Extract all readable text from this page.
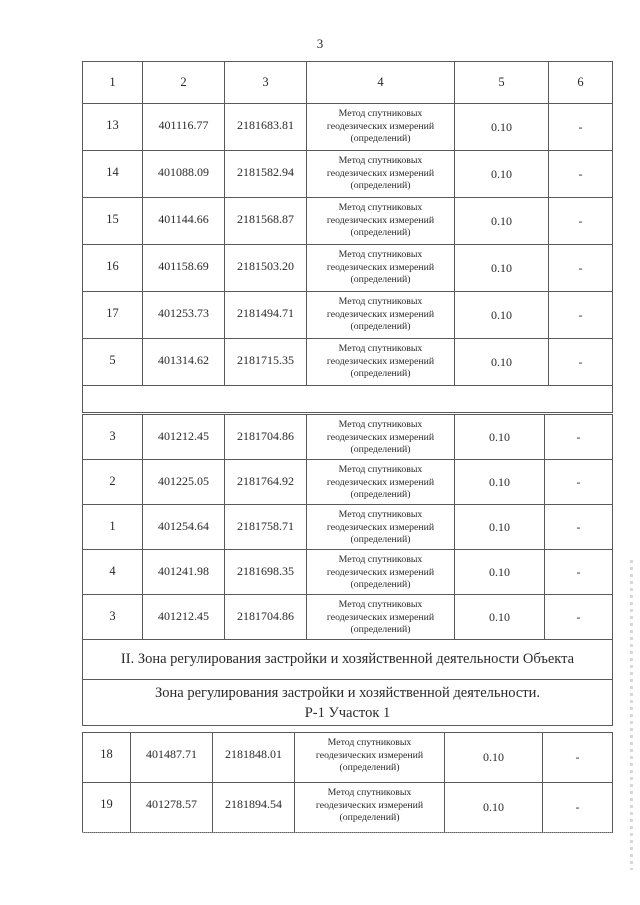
3
1	2	3	4	5	6
13	401116.77	2181683.81	Метод спутниковых
геодезических измерений
(определений)	0.10	-
14	401088.09	2181582.94	Метод спутниковых
геодезических измерений
(определений)	0.10	-
15	401144.66	2181568.87	Метод спутниковых
геодезических измерений
(определений)	0.10	-
16	401158.69	2181503.20	Метод спутниковых
геодезических измерений
(определений)	0.10	-
17	401253.73	2181494.71	Метод спутниковых
геодезических измерений
(определений)	0.10	-
5	401314.62	2181715.35	Метод спутниковых
геодезических измерений
(определений)	0.10	-

3	401212.45	2181704.86	Метод спутниковых
геодезических измерений
(определений)	0.10	-
2	401225.05	2181764.92	Метод спутниковых
геодезических измерений
(определений)	0.10	-
1	401254.64	2181758.71	Метод спутниковых
геодезических измерений
(определений)	0.10	-
4	401241.98	2181698.35	Метод спутниковых
геодезических измерений
(определений)	0.10	-
3	401212.45	2181704.86	Метод спутниковых
геодезических измерений
(определений)	0.10	-
II. Зона регулирования застройки и хозяйственной деятельности Объекта					

Зона регулирования застройки и хозяйственной деятельности.
Р-1 Участок 1					
18	401487.71	2181848.01	Метод спутниковых
геодезических измерений
(определений)	0.10	-
19	401278.57	2181894.54	Метод спутниковых
геодезических измерений
(определений)	0.10	-
